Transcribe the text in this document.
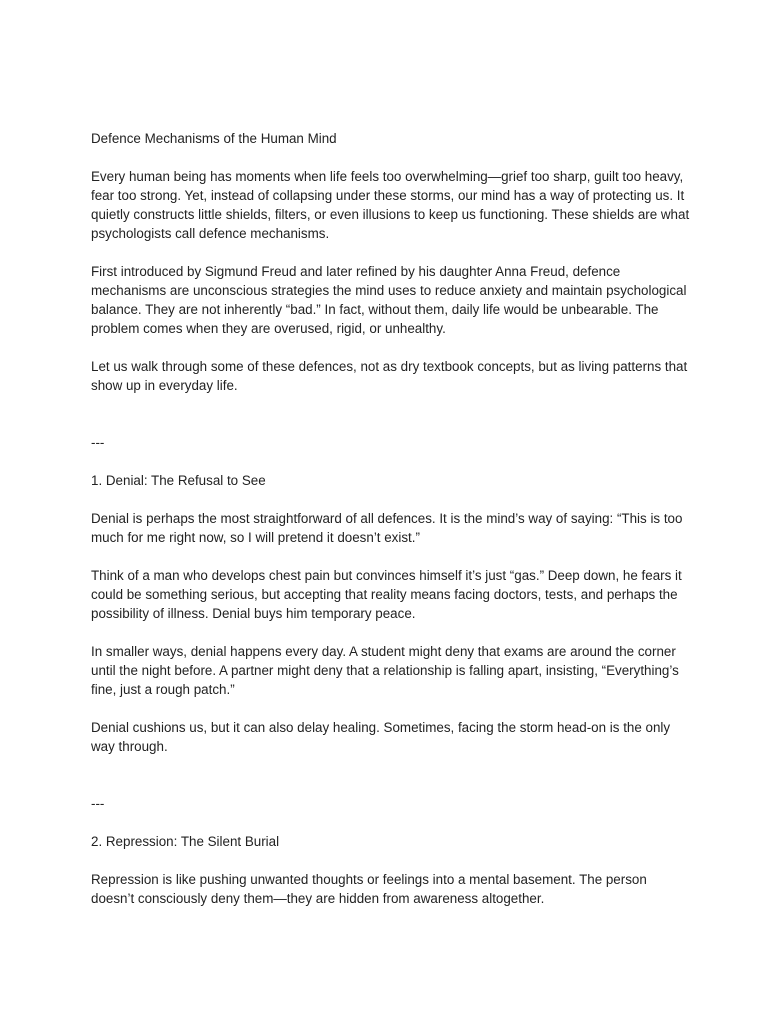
Defence Mechanisms of the Human Mind

Every human being has moments when life feels too overwhelming—grief too sharp, guilt too heavy, fear too strong. Yet, instead of collapsing under these storms, our mind has a way of protecting us. It quietly constructs little shields, filters, or even illusions to keep us functioning. These shields are what psychologists call defence mechanisms.

First introduced by Sigmund Freud and later refined by his daughter Anna Freud, defence mechanisms are unconscious strategies the mind uses to reduce anxiety and maintain psychological balance. They are not inherently “bad.” In fact, without them, daily life would be unbearable. The problem comes when they are overused, rigid, or unhealthy.

Let us walk through some of these defences, not as dry textbook concepts, but as living patterns that show up in everyday life.

---

1. Denial: The Refusal to See

Denial is perhaps the most straightforward of all defences. It is the mind’s way of saying: “This is too much for me right now, so I will pretend it doesn’t exist.”

Think of a man who develops chest pain but convinces himself it’s just “gas.” Deep down, he fears it could be something serious, but accepting that reality means facing doctors, tests, and perhaps the possibility of illness. Denial buys him temporary peace.

In smaller ways, denial happens every day. A student might deny that exams are around the corner until the night before. A partner might deny that a relationship is falling apart, insisting, “Everything’s fine, just a rough patch.”

Denial cushions us, but it can also delay healing. Sometimes, facing the storm head-on is the only way through.

---

2. Repression: The Silent Burial

Repression is like pushing unwanted thoughts or feelings into a mental basement. The person doesn’t consciously deny them—they are hidden from awareness altogether.
